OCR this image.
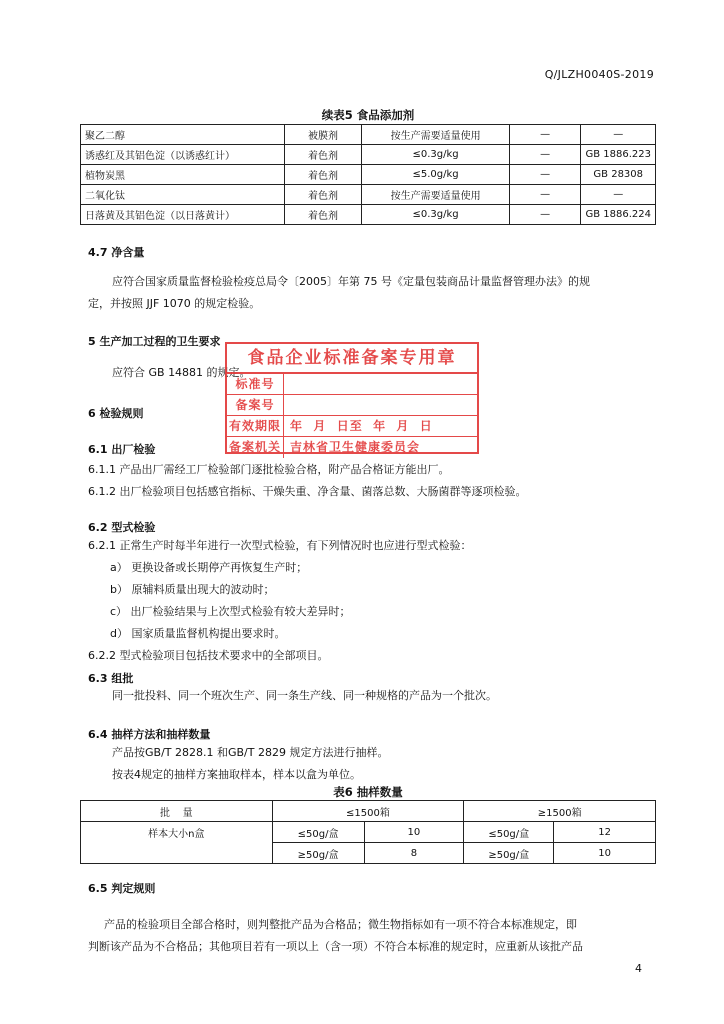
Q/JLZH0040S-2019
续表5 食品添加剂
聚乙二醇	被膜剂	按生产需要适量使用	—	—
诱惑红及其铝色淀（以诱惑红计）	着色剂	≤0.3g/kg	—	GB 1886.223
植物炭黑	着色剂	≤5.0g/kg	—	GB 28308
二氧化钛	着色剂	按生产需要适量使用	—	—
日落黄及其铝色淀（以日落黄计）	着色剂	≤0.3g/kg	—	GB 1886.224
4.7 净含量
应符合国家质量监督检验检疫总局令〔2005〕年第 75 号《定量包装商品计量监督管理办法》的规
定，并按照 JJF 1070 的规定检验。
5 生产加工过程的卫生要求
应符合 GB 14881 的规定。
食品企业标准备案专用章
标准号
备案号
有效期限 年  月  日至  年  月  日
备案机关 吉林省卫生健康委员会
6 检验规则
6.1 出厂检验
6.1.1 产品出厂需经工厂检验部门逐批检验合格，附产品合格证方能出厂。
6.1.2 出厂检验项目包括感官指标、干燥失重、净含量、菌落总数、大肠菌群等逐项检验。
6.2 型式检验
6.2.1 正常生产时每半年进行一次型式检验，有下列情况时也应进行型式检验：
a） 更换设备或长期停产再恢复生产时；
b） 原辅料质量出现大的波动时；
c） 出厂检验结果与上次型式检验有较大差异时；
d） 国家质量监督机构提出要求时。
6.2.2 型式检验项目包括技术要求中的全部项目。
6.3 组批
同一批投料、同一个班次生产、同一条生产线、同一种规格的产品为一个批次。
6.4 抽样方法和抽样数量
产品按GB/T 2828.1 和GB/T 2829 规定方法进行抽样。
按表4规定的抽样方案抽取样本，样本以盒为单位。
表6 抽样数量
批    量	≤1500箱		≥1500箱	
样本大小n盒	≤50g/盒	10	≤50g/盒	12
	≥50g/盒	8	≥50g/盒	10
6.5 判定规则
产品的检验项目全部合格时，则判整批产品为合格品；微生物指标如有一项不符合本标准规定，即
判断该产品为不合格品；其他项目若有一项以上（含一项）不符合本标准的规定时，应重新从该批产品
4
